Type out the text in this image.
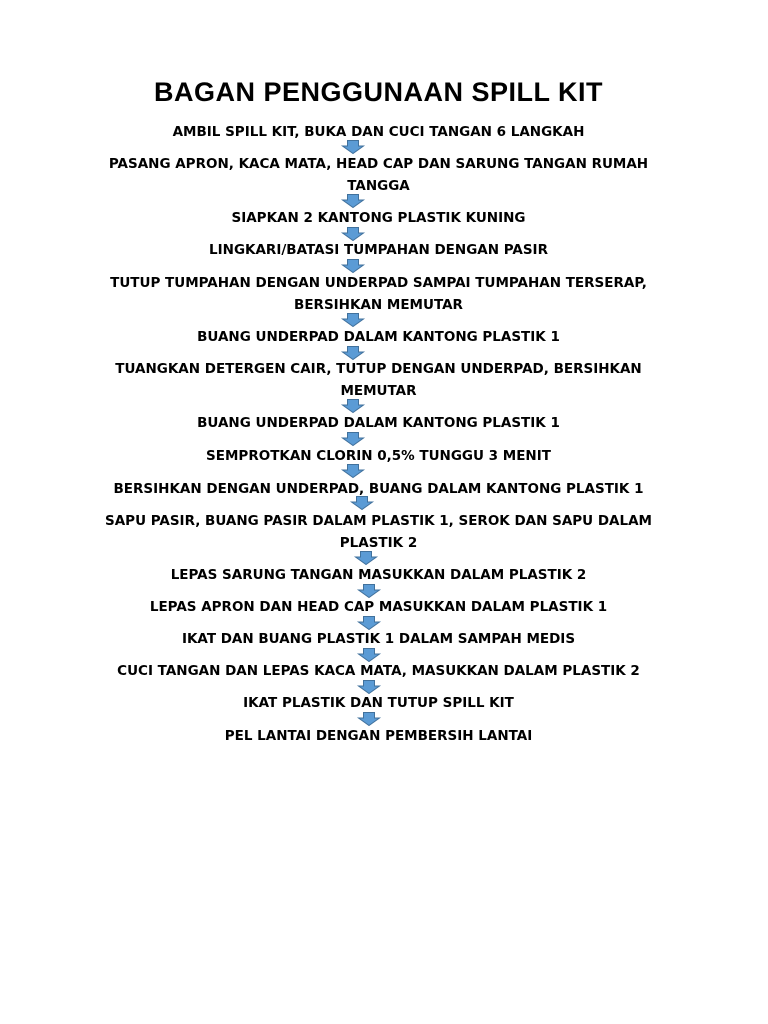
BAGAN PENGGUNAAN SPILL KIT
AMBIL SPILL KIT, BUKA DAN CUCI TANGAN 6 LANGKAH
PASANG APRON, KACA MATA, HEAD CAP DAN SARUNG TANGAN RUMAH TANGGA
SIAPKAN 2 KANTONG PLASTIK KUNING
LINGKARI/BATASI TUMPAHAN DENGAN PASIR
TUTUP TUMPAHAN DENGAN UNDERPAD SAMPAI TUMPAHAN TERSERAP, BERSIHKAN MEMUTAR
BUANG UNDERPAD DALAM KANTONG PLASTIK 1
TUANGKAN DETERGEN CAIR, TUTUP DENGAN UNDERPAD, BERSIHKAN MEMUTAR
BUANG UNDERPAD DALAM KANTONG PLASTIK 1
SEMPROTKAN CLORIN 0,5% TUNGGU 3 MENIT
BERSIHKAN DENGAN UNDERPAD, BUANG DALAM KANTONG PLASTIK 1
SAPU PASIR, BUANG PASIR DALAM PLASTIK 1, SEROK DAN SAPU DALAM PLASTIK 2
LEPAS SARUNG TANGAN MASUKKAN DALAM PLASTIK 2
LEPAS APRON DAN HEAD CAP MASUKKAN DALAM PLASTIK 1
IKAT DAN BUANG PLASTIK 1 DALAM SAMPAH MEDIS
CUCI TANGAN DAN LEPAS KACA MATA, MASUKKAN DALAM PLASTIK 2
IKAT PLASTIK DAN TUTUP SPILL KIT
PEL LANTAI DENGAN PEMBERSIH LANTAI
